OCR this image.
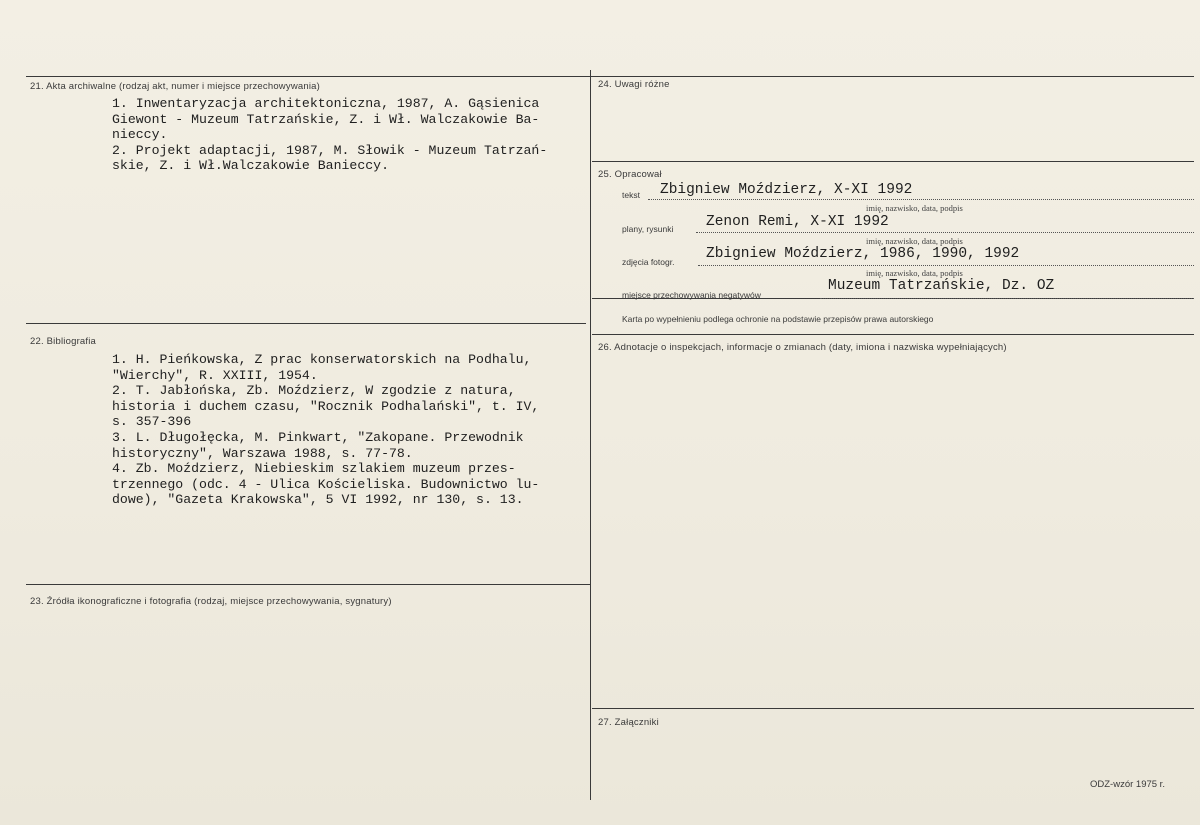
21. Akta archiwalne (rodzaj akt, numer i miejsce przechowywania)
1. Inwentaryzacja architektoniczna, 1987, A. Gąsienica
Giewont - Muzeum Tatrzańskie, Z. i Wł. Walczakowie Ba-
nieccy.
2. Projekt adaptacji, 1987, M. Słowik - Muzeum Tatrzań-
skie, Z. i Wł.Walczakowie Banieccy.
22. Bibliografia
1. H. Pieńkowska, Z prac konserwatorskich na Podhalu,
"Wierchy", R. XXIII, 1954.
2. T. Jabłońska, Zb. Moździerz, W zgodzie z natura,
historia i duchem czasu, "Rocznik Podhalański", t. IV,
s. 357-396
3. L. Długołęcka, M. Pinkwart, "Zakopane. Przewodnik
historyczny", Warszawa 1988, s. 77-78.
4. Zb. Moździerz, Niebieskim szlakiem muzeum przes-
trzennego (odc. 4 - Ulica Kościeliska. Budownictwo lu-
dowe), "Gazeta Krakowska", 5 VI 1992, nr 130, s. 13.
23. Źródła ikonograficzne i fotografia (rodzaj, miejsce przechowywania, sygnatury)
24. Uwagi różne
25. Opracował
tekst Zbigniew Moździerz, X-XI 1992
imię, nazwisko, data, podpis
plany, rysunki Zenon Remi, X-XI 1992
imię, nazwisko, data, podpis
zdjęcia fotogr. Zbigniew Moździerz, 1986, 1990, 1992
imię, nazwisko, data, podpis
miejsce przechowywania negatywów
Muzeum Tatrzańskie, Dz. OZ
Karta po wypełnieniu podlega ochronie na podstawie przepisów prawa autorskiego
26. Adnotacje o inspekcjach, informacje o zmianach (daty, imiona i nazwiska wypełniających)
27. Załączniki
ODZ-wzór 1975 r.
